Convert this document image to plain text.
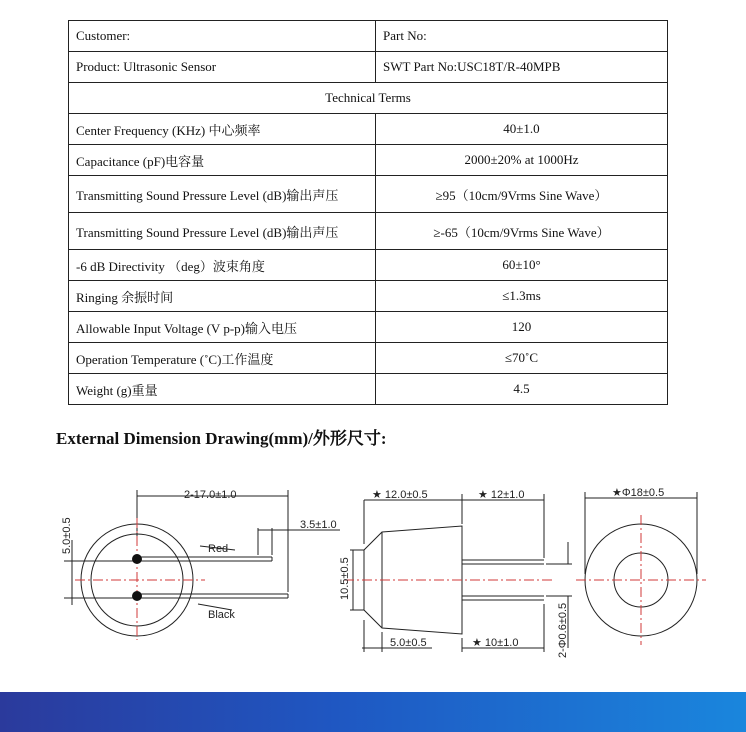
Customer:	Part No:
Product: Ultrasonic Sensor	SWT Part No:USC18T/R-40MPB
Technical Terms	
Center Frequency (KHz) 中心频率	40±1.0
Capacitance (pF)电容量	2000±20% at 1000Hz
Transmitting Sound Pressure Level (dB)输出声压	≥95（10cm/9Vrms Sine Wave）
Transmitting Sound Pressure Level (dB)输出声压	≥-65（10cm/9Vrms Sine Wave）
-6 dB Directivity （deg）波束角度	60±10°
Ringing 余振时间	≤1.3ms
Allowable Input Voltage (V p-p)输入电压	120
Operation Temperature (˚C)工作温度	≤70˚C
Weight (g)重量	4.5
External Dimension Drawing(mm)/外形尺寸:
2-17.0±1.0
3.5±1.0
Red
Black
5.0±0.5
★ 12.0±0.5	★ 12±1.0
10.5±0.5
5.0±0.5	★ 10±1.0	2-Φ0.6±0.5
★Φ18±0.5
